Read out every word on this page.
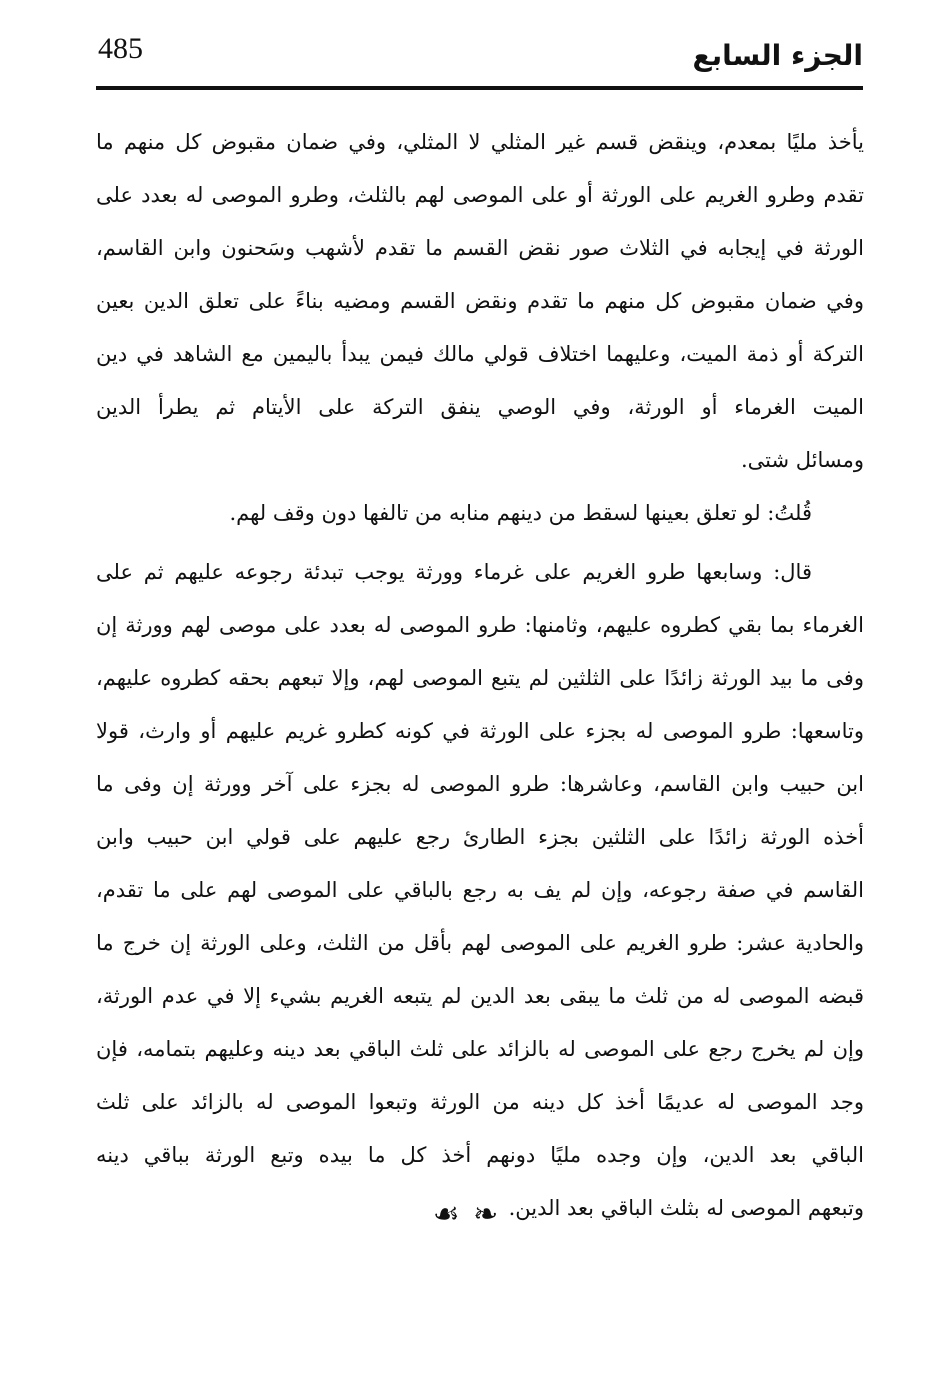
485	الجزء السابع
يأخذ مليًا بمعدم، وينقض قسم غير المثلي لا المثلي، وفي ضمان مقبوض كل منهم ما
تقدم وطرو الغريم على الورثة أو على الموصى لهم بالثلث، وطرو الموصى له بعدد على
الورثة في إيجابه في الثلاث صور نقض القسم ما تقدم لأشهب وسَحنون وابن القاسم،
وفي ضمان مقبوض كل منهم ما تقدم ونقض القسم ومضيه بناءً على تعلق الدين بعين
التركة أو ذمة الميت، وعليهما اختلاف قولي مالك فيمن يبدأ باليمين مع الشاهد في دين
الميت الغرماء أو الورثة، وفي الوصي ينفق التركة على الأيتام ثم يطرأ الدين
ومسائل شتى.
قُلتُ: لو تعلق بعينها لسقط من دينهم منابه من تالفها دون وقف لهم.
قال: وسابعها طرو الغريم على غرماء وورثة يوجب تبدئة رجوعه عليهم ثم على
الغرماء بما بقي كطروه عليهم، وثامنها: طرو الموصى له بعدد على موصى لهم وورثة إن
وفى ما بيد الورثة زائدًا على الثلثين لم يتبع الموصى لهم، وإلا تبعهم بحقه كطروه عليهم،
وتاسعها: طرو الموصى له بجزء على الورثة في كونه كطرو غريم عليهم أو وارث، قولا
ابن حبيب وابن القاسم، وعاشرها: طرو الموصى له بجزء على آخر وورثة إن وفى ما
أخذه الورثة زائدًا على الثلثين بجزء الطارئ رجع عليهم على قولي ابن حبيب وابن
القاسم في صفة رجوعه، وإن لم يف به رجع بالباقي على الموصى لهم على ما تقدم،
والحادية عشر: طرو الغريم على الموصى لهم بأقل من الثلث، وعلى الورثة إن خرج ما
قبضه الموصى له من ثلث ما يبقى بعد الدين لم يتبعه الغريم بشيء إلا في عدم الورثة،
وإن لم يخرج رجع على الموصى له بالزائد على ثلث الباقي بعد دينه وعليهم بتمامه، فإن
وجد الموصى له عديمًا أخذ كل دينه من الورثة وتبعوا الموصى له بالزائد على ثلث
الباقي بعد الدين، وإن وجده مليًا دونهم أخذ كل ما بيده وتبع الورثة بباقي دينه
وتبعهم الموصى له بثلث الباقي بعد الدين.
☙ ❧
